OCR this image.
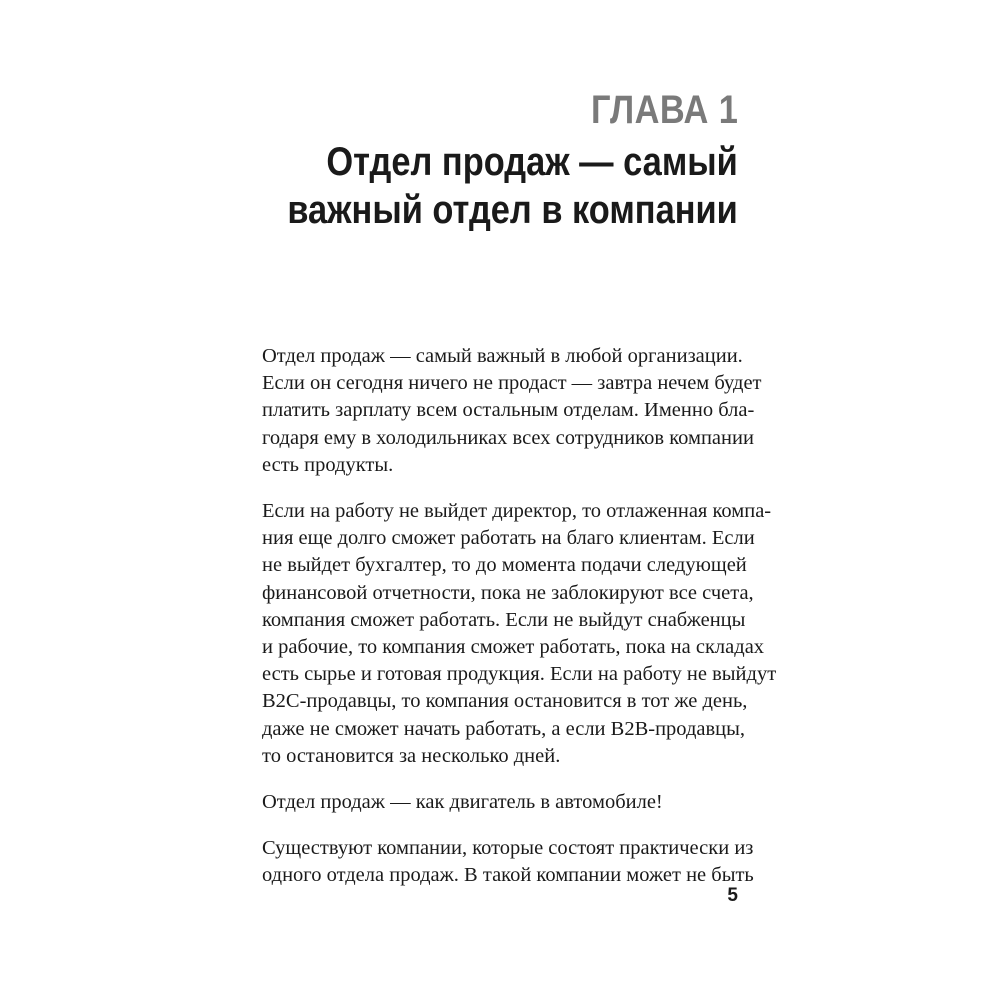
ГЛАВА 1
Отдел продаж — самый
важный отдел в компании

Отдел продаж — самый важный в любой организации.
Если он сегодня ничего не продаст — завтра нечем будет
платить зарплату всем остальным отделам. Именно бла-
годаря ему в холодильниках всех сотрудников компании
есть продукты.

Если на работу не выйдет директор, то отлаженная компа-
ния еще долго сможет работать на благо клиентам. Если
не выйдет бухгалтер, то до момента подачи следующей
финансовой отчетности, пока не заблокируют все счета,
компания сможет работать. Если не выйдут снабженцы
и рабочие, то компания сможет работать, пока на складах
есть сырье и готовая продукция. Если на работу не выйдут
B2C-продавцы, то компания остановится в тот же день,
даже не сможет начать работать, а если B2B-продавцы,
то остановится за несколько дней.

Отдел продаж — как двигатель в автомобиле!

Существуют компании, которые состоят практически из
одного отдела продаж. В такой компании может не быть

5
